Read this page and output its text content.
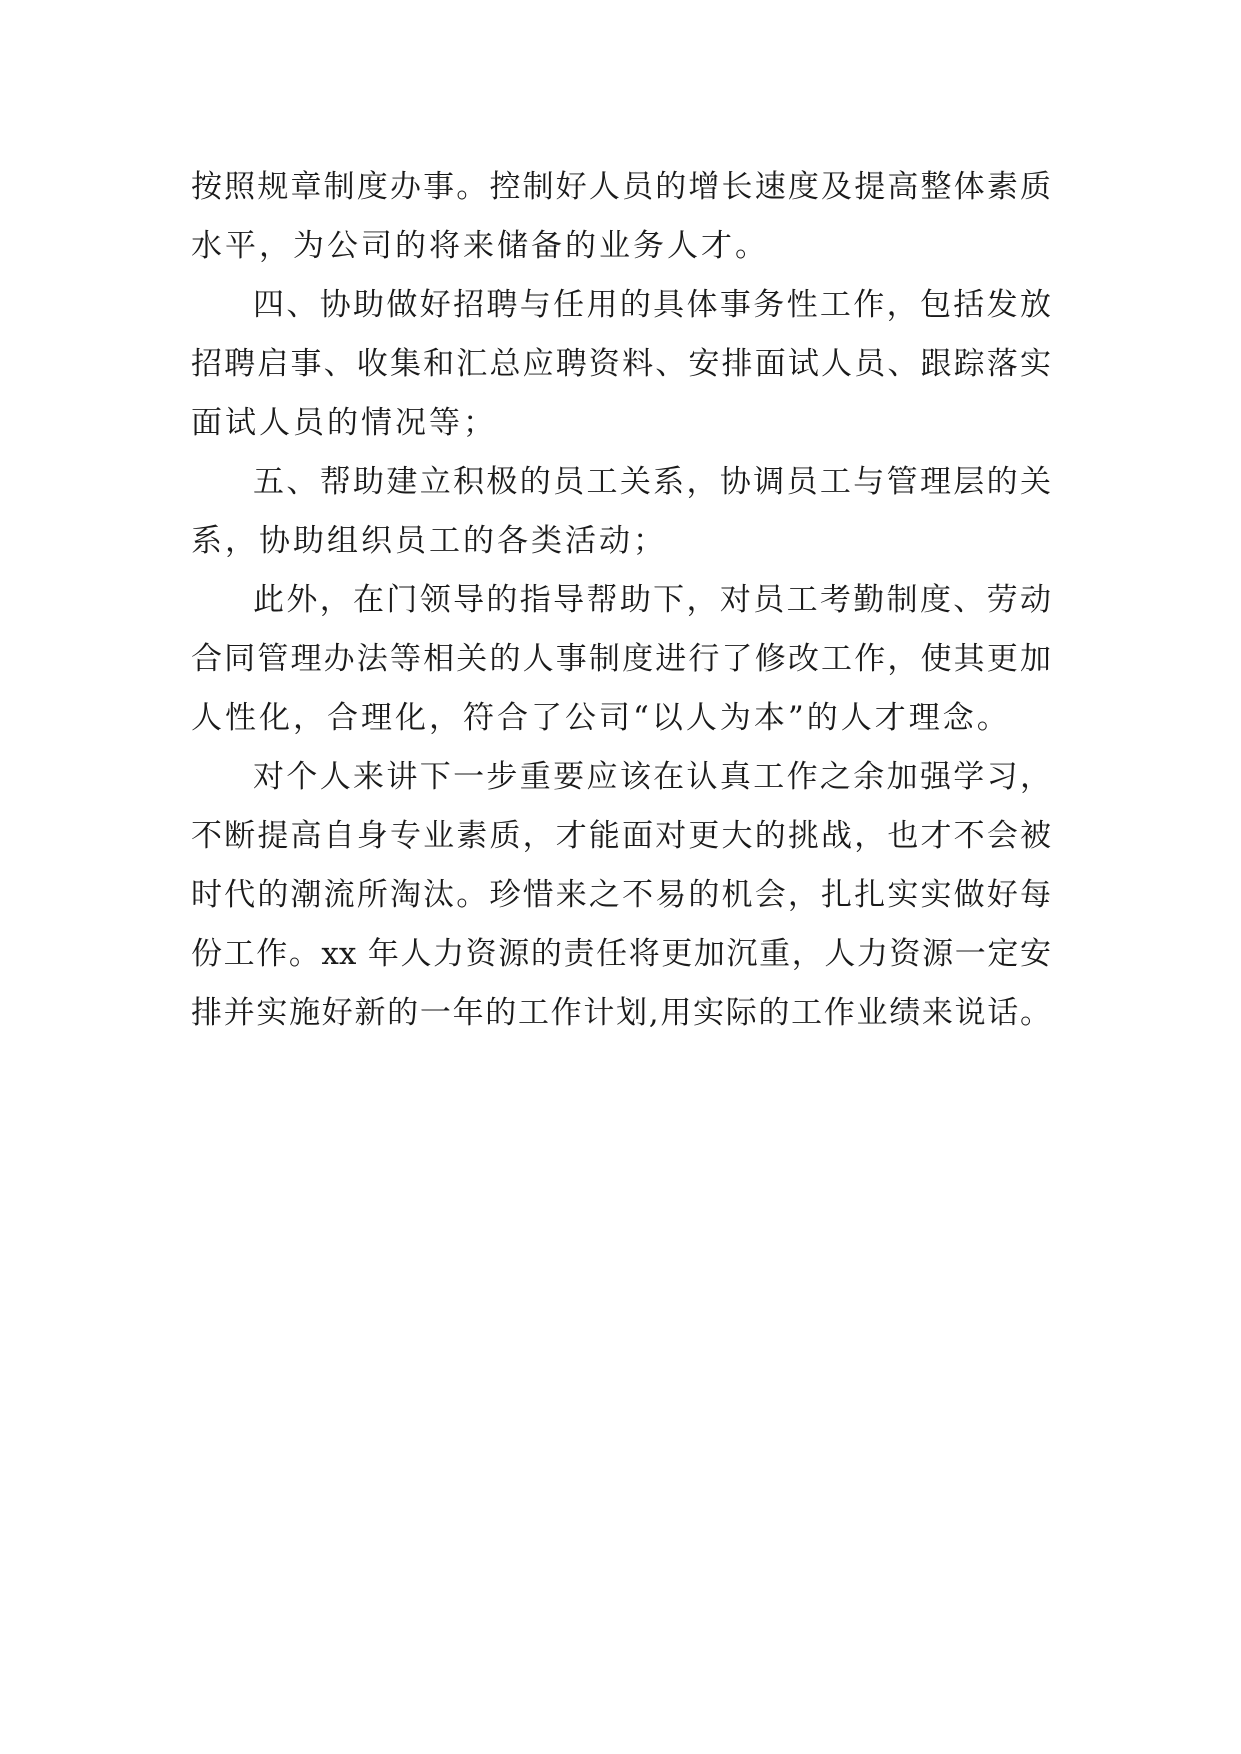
按照规章制度办事。控制好人员的增长速度及提高整体素质
水平，为公司的将来储备的业务人才。
四、协助做好招聘与任用的具体事务性工作，包括发放
招聘启事、收集和汇总应聘资料、安排面试人员、跟踪落实
面试人员的情况等；
五、帮助建立积极的员工关系，协调员工与管理层的关
系，协助组织员工的各类活动；
此外，在门领导的指导帮助下，对员工考勤制度、劳动
合同管理办法等相关的人事制度进行了修改工作，使其更加
人性化，合理化，符合了公司“以人为本”的人才理念。
对个人来讲下一步重要应该在认真工作之余加强学习，
不断提高自身专业素质，才能面对更大的挑战，也才不会被
时代的潮流所淘汰。珍惜来之不易的机会，扎扎实实做好每
份工作。xx 年人力资源的责任将更加沉重，人力资源一定安
排并实施好新的一年的工作计划,用实际的工作业绩来说话。
